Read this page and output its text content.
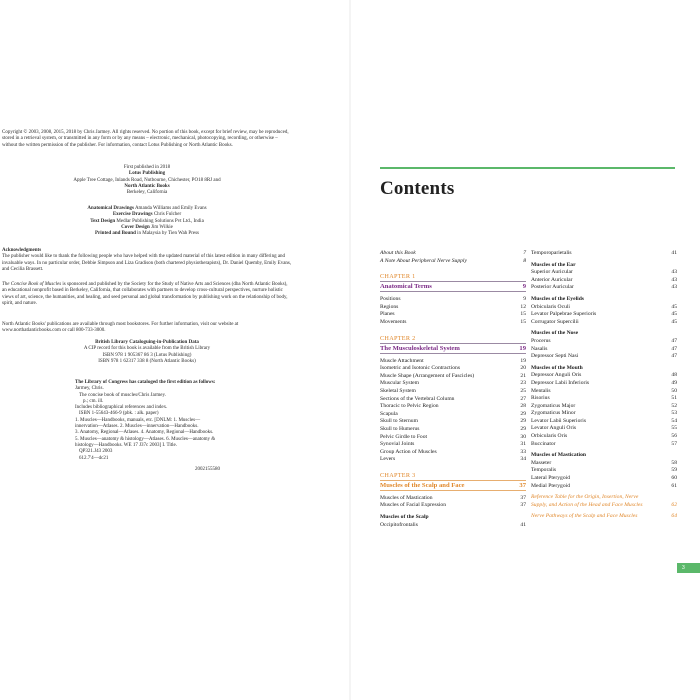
Copyright © 2003, 2008, 2015, 2018 by Chris Jarmey. All rights reserved. No portion of this book, except for brief review, may be reproduced, stored in a retrieval system, or transmitted in any form or by any means – electronic, mechanical, photocopying, recording, or otherwise – without the written permission of the publisher. For information, contact Lotus Publishing or North Atlantic Books.
First published in 2018
Lotus Publishing
Apple Tree Cottage, Inlands Road, Nutbourne, Chichester, PO18 8RJ and
North Atlantic Books
Berkeley, California
Anatomical Drawings Amanda Williams and Emily Evans
Exercise Drawings Chris Fulcher
Text Design Medlar Publishing Solutions Pvt Ltd., India
Cover Design Jim Wilkie
Printed and Bound in Malaysia by Tien Wah Press
Acknowledgments
The publisher would like to thank the following people who have helped with the updated material of this latest edition in many differing and invaluable ways. In no particular order, Debbie Simpson and Liza Gradison (both chartered physiotherapists), Dr. Daniel Quemby, Emily Evans, and Cecilia Brassett.
The Concise Book of Muscles is sponsored and published by the Society for the Study of Native Arts and Sciences (dba North Atlantic Books), an educational nonprofit based in Berkeley, California, that collaborates with partners to develop cross-cultural perspectives, nurture holistic views of art, science, the humanities, and healing, and seed personal and global transformation by publishing work on the relationship of body, spirit, and nature.
North Atlantic Books' publications are available through most bookstores. For further information, visit our website at www.northatlanticbooks.com or call 800-733-3000.
British Library Cataloguing-in-Publication Data
A CIP record for this book is available from the British Library
ISBN 978 1 905367 86 3 (Lotus Publishing)
ISBN 978 1 62317 338 8 (North Atlantic Books)
The Library of Congress has cataloged the first edition as follows:
Jarmey, Chris.
The concise book of muscles/Chris Jarmey.
p.; cm. ill.
Includes bibliographical references and index.
ISBN 1-55643-466-9 (pbk. : alk. paper)
1. Muscles—Handbooks, manuals, etc. [DNLM: 1. Muscles—
innervation—Atlases. 2. Muscles—innervation—Handbooks.
3. Anatomy, Regional—Atlases. 4. Anatomy, Regional—Handbooks.
5. Muscles—anatomy & histology—Atlases. 6. Muscles—anatomy &
histology—Handbooks. WE 17 J37c 2003] I. Title.
QP321.J43 2003
612.7'4—dc21
2002155580
Contents
About this Book	7
A Note About Peripheral Nerve Supply	8
CHAPTER 1
Anatomical Terms	9
Positions	9
Regions	12
Planes	15
Movements	15
CHAPTER 2
The Musculoskeletal System	19
Muscle Attachment	19
Isometric and Isotonic Contractions	20
Muscle Shape (Arrangement of Fascicles)	21
Muscular System	23
Skeletal System	25
Sections of the Vertebral Column	27
Thoracic to Pelvic Region	28
Scapula	29
Skull to Sternum	29
Skull to Humerus	29
Pelvic Girdle to Foot	30
Synovial Joints	31
Group Action of Muscles	33
Levers	34
CHAPTER 3
Muscles of the Scalp and Face	37
Muscles of Mastication	37
Muscles of Facial Expression	37
Muscles of the Scalp
Occipitofrontalis	41
Temporoparietalis	41
Muscles of the Ear
Superior Auricular	43
Anterior Auricular	43
Posterior Auricular	43
Muscles of the Eyelids
Orbicularis Oculi	45
Levator Palpebrae Superioris	45
Corrugator Supercilii	45
Muscles of the Nose
Procerus	47
Nasalis	47
Depressor Septi Nasi	47
Muscles of the Mouth
Depressor Anguli Oris	48
Depressor Labii Inferioris	49
Mentalis	50
Risorius	51
Zygomaticus Major	52
Zygomaticus Minor	53
Levator Labii Superioris	54
Levator Anguli Oris	55
Orbicularis Oris	56
Buccinator	57
Muscles of Mastication
Masseter	58
Temporalis	59
Lateral Pterygoid	60
Medial Pterygoid	61
Reference Table for the Origin, Insertion, Nerve Supply, and Action of the Head and Face Muscles	62
Nerve Pathways of the Scalp and Face Muscles	64
3
